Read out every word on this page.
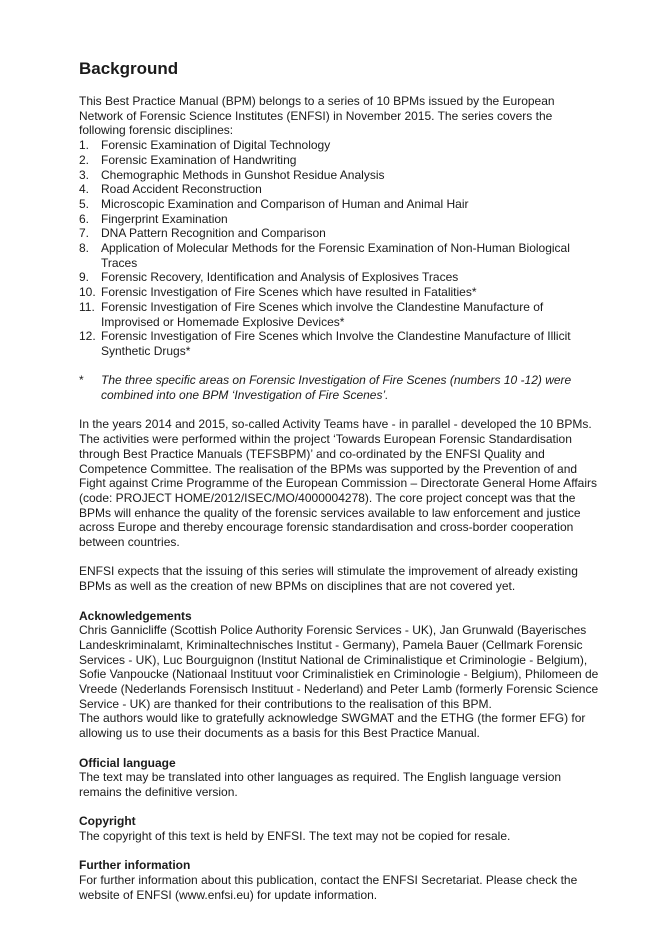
Background

This Best Practice Manual (BPM) belongs to a series of 10 BPMs issued by the European Network of Forensic Science Institutes (ENFSI) in November 2015. The series covers the following forensic disciplines:

1. Forensic Examination of Digital Technology
2. Forensic Examination of Handwriting
3. Chemographic Methods in Gunshot Residue Analysis
4. Road Accident Reconstruction
5. Microscopic Examination and Comparison of Human and Animal Hair
6. Fingerprint Examination
7. DNA Pattern Recognition and Comparison
8. Application of Molecular Methods for the Forensic Examination of Non-Human Biological Traces
9. Forensic Recovery, Identification and Analysis of Explosives Traces
10. Forensic Investigation of Fire Scenes which have resulted in Fatalities*
11. Forensic Investigation of Fire Scenes which involve the Clandestine Manufacture of Improvised or Homemade Explosive Devices*
12. Forensic Investigation of Fire Scenes which Involve the Clandestine Manufacture of Illicit Synthetic Drugs*
*	The three specific areas on Forensic Investigation of Fire Scenes (numbers 10 -12) were combined into one BPM ‘Investigation of Fire Scenes’.

In the years 2014 and 2015, so-called Activity Teams have - in parallel - developed the 10 BPMs. The activities were performed within the project ‘Towards European Forensic Standardisation through Best Practice Manuals (TEFSBPM)’ and co-ordinated by the ENFSI Quality and Competence Committee. The realisation of the BPMs was supported by the Prevention of and Fight against Crime Programme of the European Commission – Directorate General Home Affairs (code: PROJECT HOME/2012/ISEC/MO/4000004278). The core project concept was that the BPMs will enhance the quality of the forensic services available to law enforcement and justice across Europe and thereby encourage forensic standardisation and cross-border cooperation between countries.

ENFSI expects that the issuing of this series will stimulate the improvement of already existing BPMs as well as the creation of new BPMs on disciplines that are not covered yet.

Acknowledgements

Chris Gannicliffe (Scottish Police Authority Forensic Services - UK), Jan Grunwald (Bayerisches Landeskriminalamt, Kriminaltechnisches Institut - Germany), Pamela Bauer (Cellmark Forensic Services - UK), Luc Bourguignon (Institut National de Criminalistique et Criminologie - Belgium), Sofie Vanpoucke (Nationaal Instituut voor Criminalistiek en Criminologie - Belgium), Philomeen de Vreede (Nederlands Forensisch Instituut - Nederland) and Peter Lamb (formerly Forensic Science Service - UK) are thanked for their contributions to the realisation of this BPM.

The authors would like to gratefully acknowledge SWGMAT and the ETHG (the former EFG) for allowing us to use their documents as a basis for this Best Practice Manual.

Official language

The text may be translated into other languages as required. The English language version remains the definitive version.

Copyright

The copyright of this text is held by ENFSI. The text may not be copied for resale.

Further information

For further information about this publication, contact the ENFSI Secretariat. Please check the website of ENFSI (www.enfsi.eu) for update information.
